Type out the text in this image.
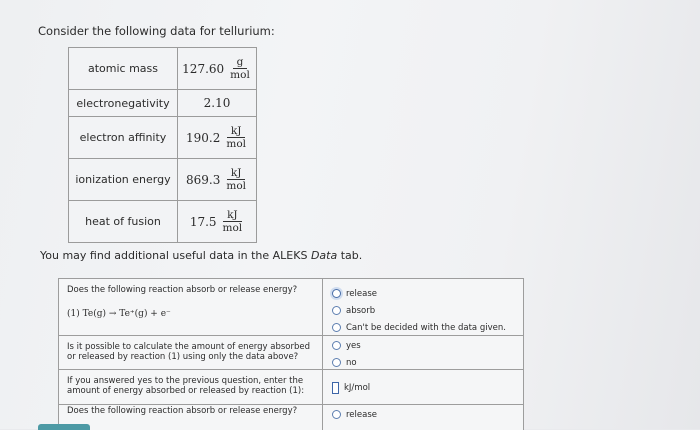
Consider the following data for tellurium:
atomic mass	$127.60 \frac{g}{\text{mol}}$

electronegativity	2.10

electron affinity	$190.2 \frac{kJ}{\text{mol}}$

ionization energy	$869.3 \frac{kJ}{\text{mol}}$

heat of fusion	$17.5 \frac{kJ}{\text{mol}}$
You may find additional useful data in the ALEKS Data tab.
Does the following reaction absorb or release energy?
(1) Te(g) → Te⁺(g) + e⁻
release
absorb
Can't be decided with the data given.
Is it possible to calculate the amount of energy absorbed or released by reaction (1) using only the data above?
yes
no
If you answered yes to the previous question, enter the amount of energy absorbed or released by reaction (1):	kJ/mol
Does the following reaction absorb or release energy?	release
